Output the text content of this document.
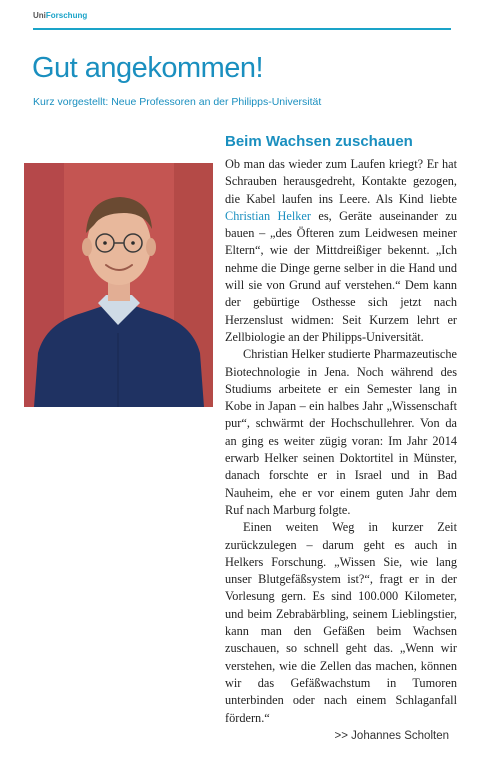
UniForschung
Gut angekommen!
Kurz vorgestellt: Neue Professoren an der Philipps-Universität
Beim Wachsen zuschauen

Ob man das wieder zum Laufen kriegt? Er hat Schrauben herausgedreht, Kontakte gezogen, die Kabel laufen ins Leere. Als Kind liebte Christian Helker es, Geräte auseinander zu bauen – „des Öfteren zum Leidwesen meiner Eltern“, wie der Mittdreißiger bekennt. „Ich nehme die Dinge gerne selber in die Hand und will sie von Grund auf verstehen.“ Dem kann der gebürtige Osthesse sich jetzt nach Herzenslust widmen: Seit Kurzem lehrt er Zellbiologie an der Philipps-Universität.

Christian Helker studierte Pharmazeutische Biotechnologie in Jena. Noch während des Studiums arbeitete er ein Semester lang in Kobe in Japan – ein halbes Jahr „Wissenschaft pur“, schwärmt der Hochschullehrer. Von da an ging es weiter zügig voran: Im Jahr 2014 erwarb Helker seinen Doktortitel in Münster, danach forschte er in Israel und in Bad Nauheim, ehe er vor einem guten Jahr dem Ruf nach Marburg folgte.

Einen weiten Weg in kurzer Zeit zurückzulegen – darum geht es auch in Helkers Forschung. „Wissen Sie, wie lang unser Blutgefäßsystem ist?“, fragt er in der Vorlesung gern. Es sind 100.000 Kilometer, und beim Zebrabärbling, seinem Lieblingstier, kann man den Gefäßen beim Wachsen zuschauen, so schnell geht das. „Wenn wir verstehen, wie die Zellen das machen, können wir das Gefäßwachstum in Tumoren unterbinden oder nach einem Schlaganfall fördern.“

>> Johannes Scholten
